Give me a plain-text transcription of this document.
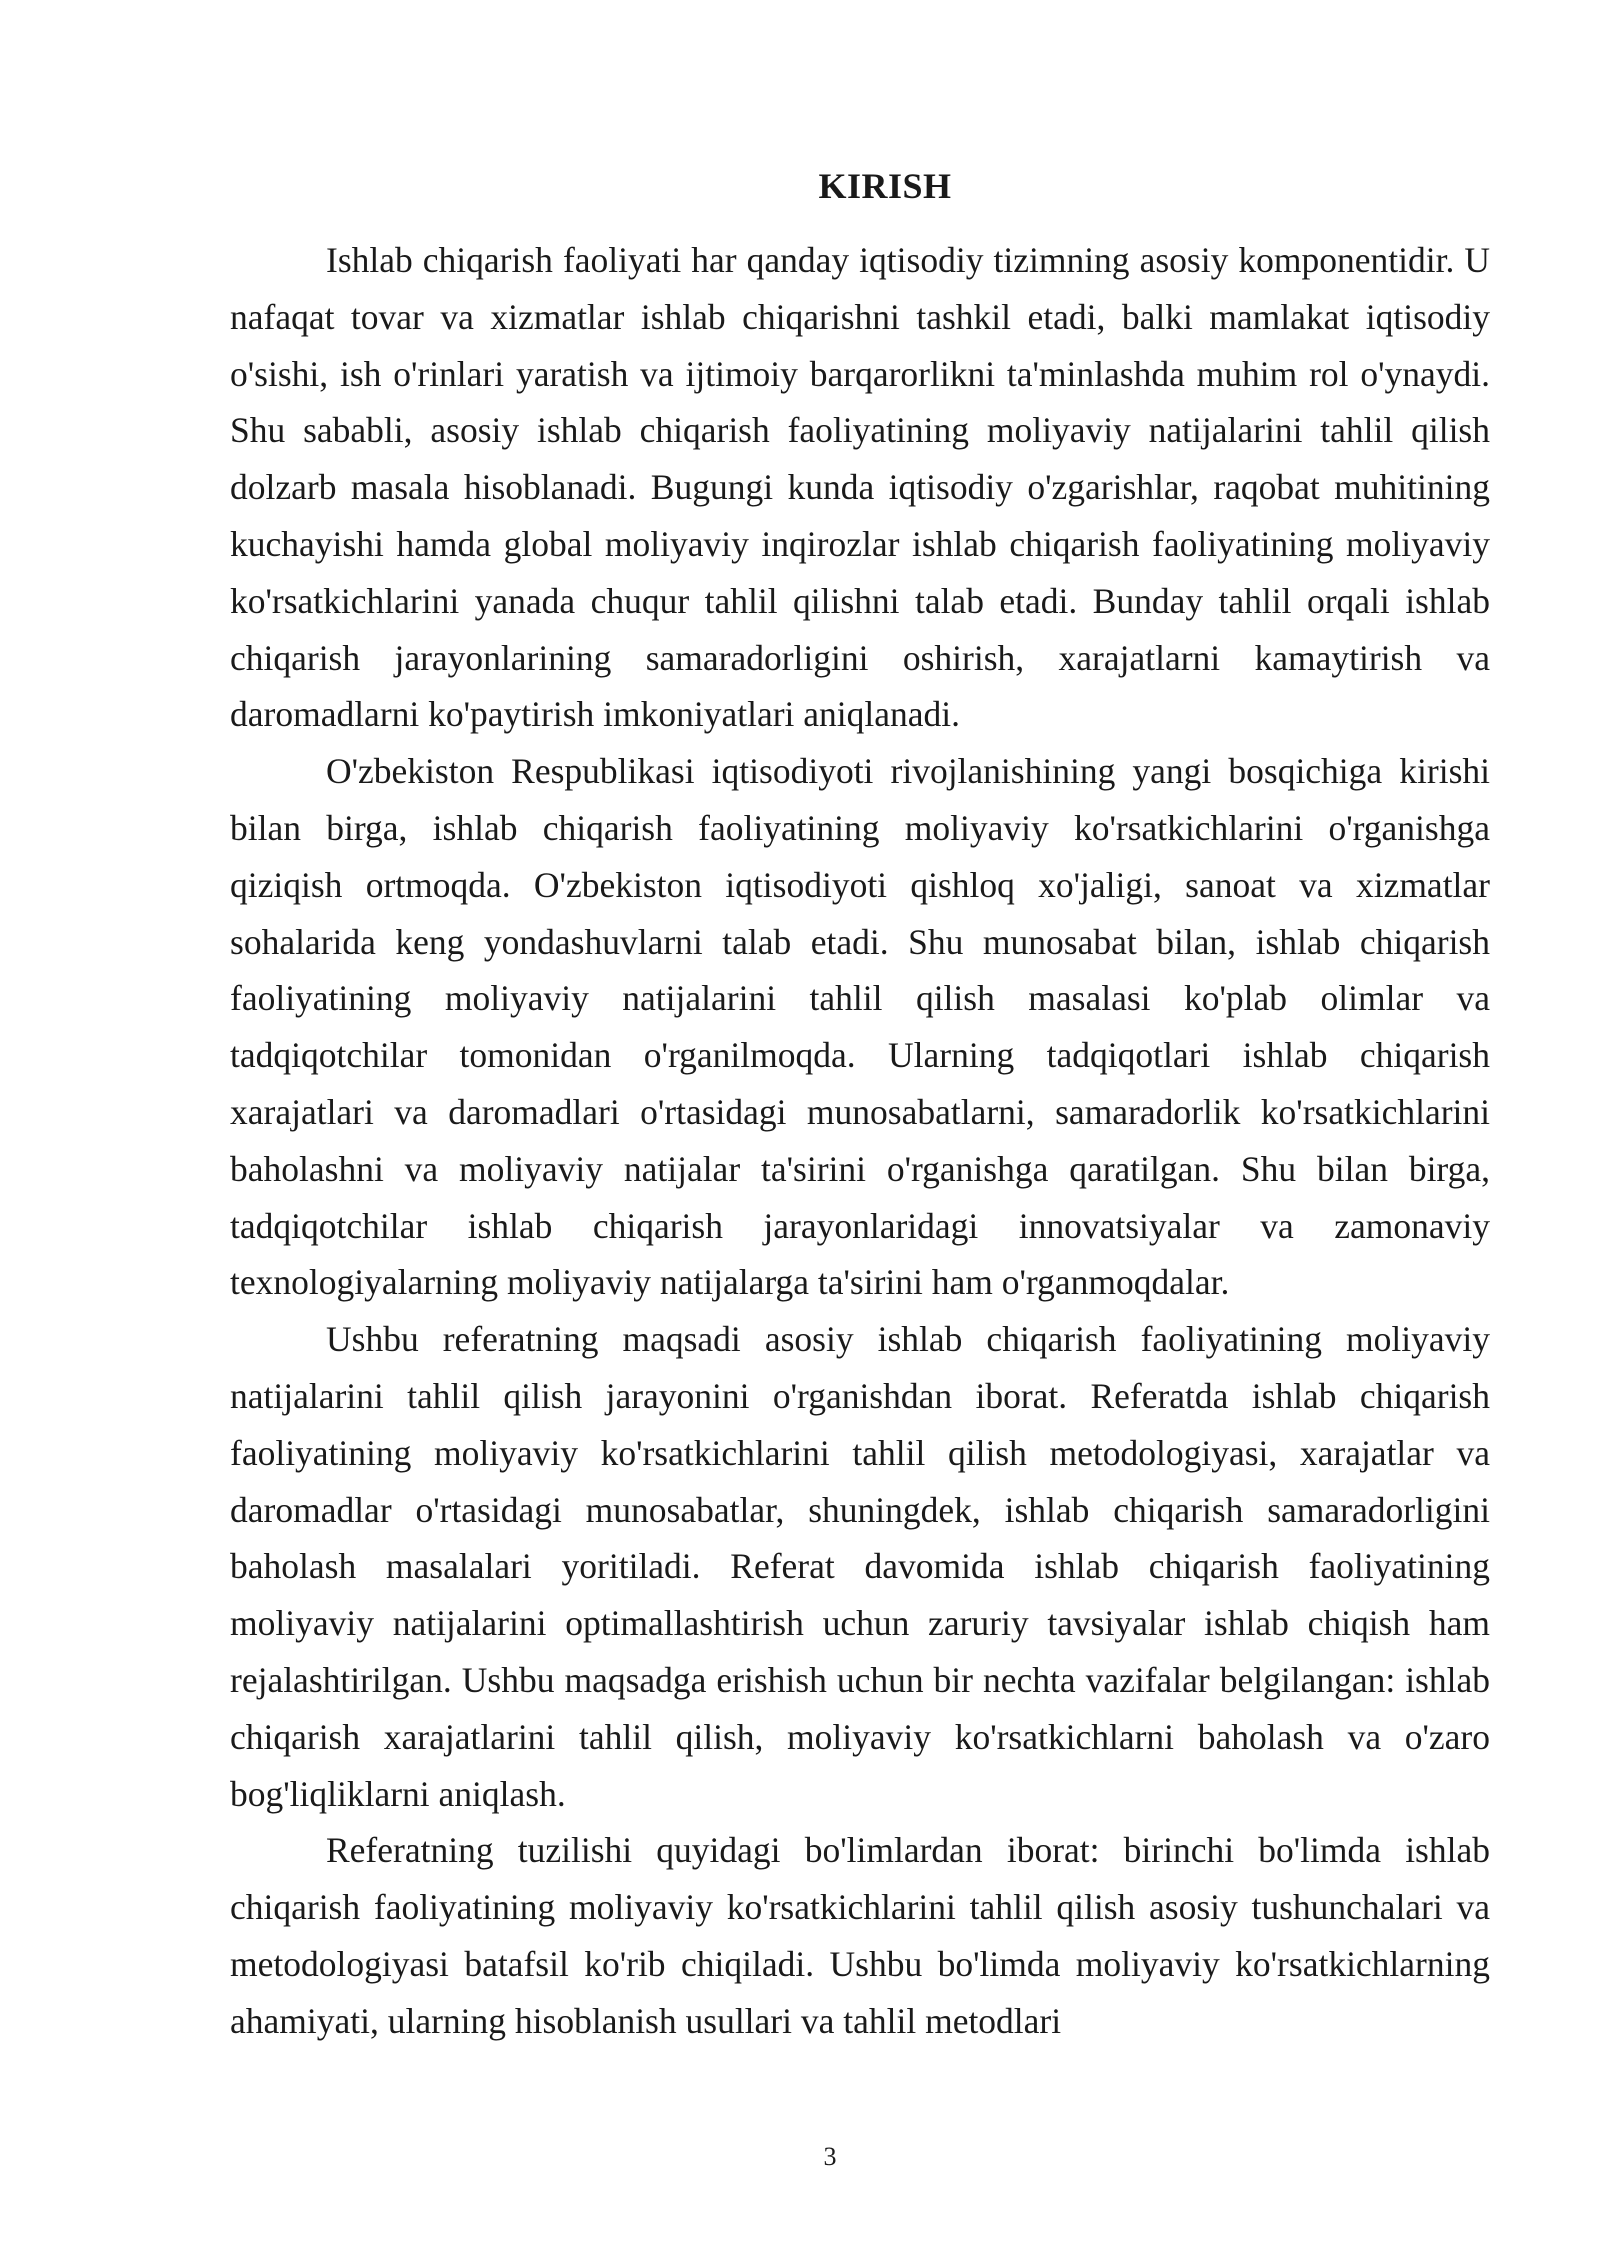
KIRISH

Ishlab chiqarish faoliyati har qanday iqtisodiy tizimning asosiy komponentidir. U nafaqat tovar va xizmatlar ishlab chiqarishni tashkil etadi, balki mamlakat iqtisodiy o'sishi, ish o'rinlari yaratish va ijtimoiy barqarorlikni ta'minlashda muhim rol o'ynaydi. Shu sababli, asosiy ishlab chiqarish faoliyatining moliyaviy natijalarini tahlil qilish dolzarb masala hisoblanadi. Bugungi kunda iqtisodiy o'zgarishlar, raqobat muhitining kuchayishi hamda global moliyaviy inqirozlar ishlab chiqarish faoliyatining moliyaviy ko'rsatkichlarini yanada chuqur tahlil qilishni talab etadi. Bunday tahlil orqali ishlab chiqarish jarayonlarining samaradorligini oshirish, xarajatlarni kamaytirish va daromadlarni ko'paytirish imkoniyatlari aniqlanadi.

O'zbekiston Respublikasi iqtisodiyoti rivojlanishining yangi bosqichiga kirishi bilan birga, ishlab chiqarish faoliyatining moliyaviy ko'rsatkichlarini o'rganishga qiziqish ortmoqda. O'zbekiston iqtisodiyoti qishloq xo'jaligi, sanoat va xizmatlar sohalarida keng yondashuvlarni talab etadi. Shu munosabat bilan, ishlab chiqarish faoliyatining moliyaviy natijalarini tahlil qilish masalasi ko'plab olimlar va tadqiqotchilar tomonidan o'rganilmoqda. Ularning tadqiqotlari ishlab chiqarish xarajatlari va daromadlari o'rtasidagi munosabatlarni, samaradorlik ko'rsatkichlarini baholashni va moliyaviy natijalar ta'sirini o'rganishga qaratilgan. Shu bilan birga, tadqiqotchilar ishlab chiqarish jarayonlaridagi innovatsiyalar va zamonaviy texnologiyalarning moliyaviy natijalarga ta'sirini ham o'rganmoqdalar.

Ushbu referatning maqsadi asosiy ishlab chiqarish faoliyatining moliyaviy natijalarini tahlil qilish jarayonini o'rganishdan iborat. Referatda ishlab chiqarish faoliyatining moliyaviy ko'rsatkichlarini tahlil qilish metodologiyasi, xarajatlar va daromadlar o'rtasidagi munosabatlar, shuningdek, ishlab chiqarish samaradorligini baholash masalalari yoritiladi. Referat davomida ishlab chiqarish faoliyatining moliyaviy natijalarini optimallashtirish uchun zaruriy tavsiyalar ishlab chiqish ham rejalashtirilgan. Ushbu maqsadga erishish uchun bir nechta vazifalar belgilangan: ishlab chiqarish xarajatlarini tahlil qilish, moliyaviy ko'rsatkichlarni baholash va o'zaro bog'liqliklarni aniqlash.

Referatning tuzilishi quyidagi bo'limlardan iborat: birinchi bo'limda ishlab chiqarish faoliyatining moliyaviy ko'rsatkichlarini tahlil qilish asosiy tushunchalari va metodologiyasi batafsil ko'rib chiqiladi. Ushbu bo'limda moliyaviy ko'rsatkichlarning ahamiyati, ularning hisoblanish usullari va tahlil metodlari

3
